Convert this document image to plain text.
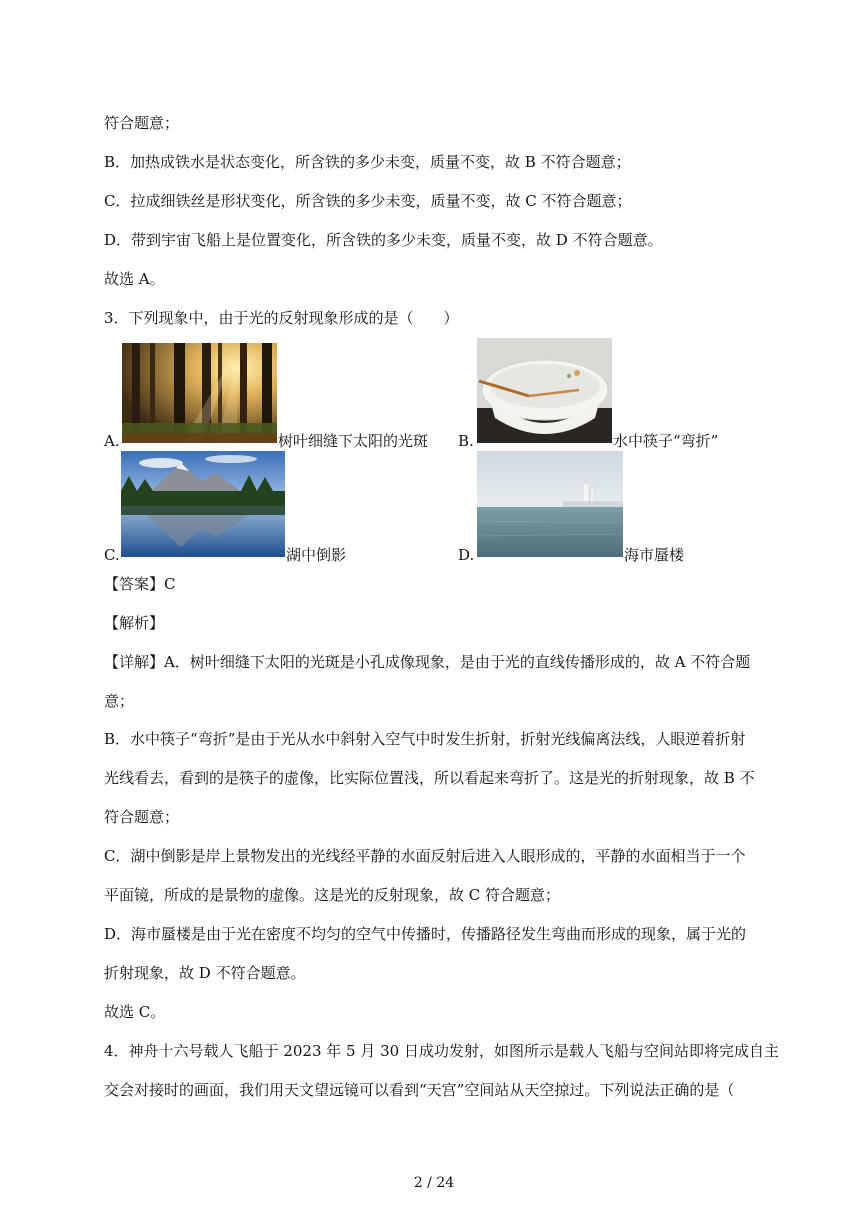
符合题意；
B．加热成铁水是状态变化，所含铁的多少未变，质量不变，故 B 不符合题意；
C．拉成细铁丝是形状变化，所含铁的多少未变，质量不变，故 C 不符合题意；
D．带到宇宙飞船上是位置变化，所含铁的多少未变，质量不变，故 D 不符合题意。
故选 A。
3．下列现象中，由于光的反射现象形成的是（　　）
A.	树叶细缝下太阳的光斑 B.	水中筷子“弯折”
C.	湖中倒影	D.	海市蜃楼
【答案】C
【解析】
【详解】A．树叶细缝下太阳的光斑是小孔成像现象，是由于光的直线传播形成的，故 A 不符合题
意；
B．水中筷子“弯折”是由于光从水中斜射入空气中时发生折射，折射光线偏离法线，人眼逆着折射
光线看去，看到的是筷子的虚像，比实际位置浅，所以看起来弯折了。这是光的折射现象，故 B 不
符合题意；
C．湖中倒影是岸上景物发出的光线经平静的水面反射后进入人眼形成的，平静的水面相当于一个
平面镜，所成的是景物的虚像。这是光的反射现象，故 C 符合题意；
D．海市蜃楼是由于光在密度不均匀的空气中传播时，传播路径发生弯曲而形成的现象，属于光的
折射现象，故 D 不符合题意。
故选 C。
4．神舟十六号载人飞船于 2023 年 5 月 30 日成功发射，如图所示是载人飞船与空间站即将完成自主
交会对接时的画面，我们用天文望远镜可以看到“天宫”空间站从天空掠过。下列说法正确的是（
2 / 24
